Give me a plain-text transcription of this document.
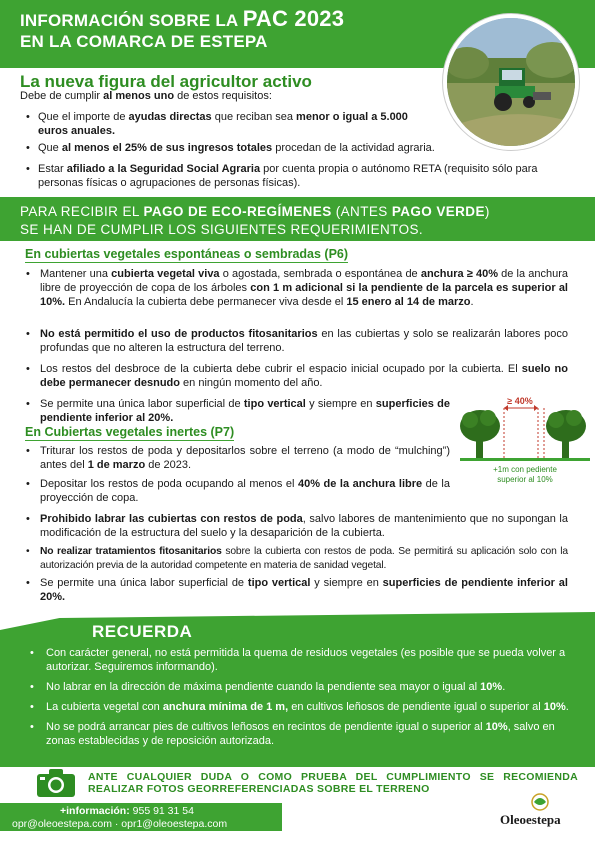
INFORMACIÓN SOBRE LA PAC 2023
EN LA COMARCA DE ESTEPA
La nueva figura del agricultor activo
Debe de cumplir al menos uno de estos requisitos:
• Que el importe de ayudas directas que reciban sea menor o igual a 5.000 euros anuales.
• Que al menos el 25% de sus ingresos totales procedan de la actividad agraria.
• Estar afiliado a la Seguridad Social Agraria por cuenta propia o autónomo RETA (requisito sólo para personas físicas o agrupaciones de personas físicas).
PARA RECIBIR EL PAGO DE ECO-REGÍMENES (ANTES PAGO VERDE)
SE HAN DE CUMPLIR LOS SIGUIENTES REQUERIMIENTOS.
En cubiertas vegetales espontáneas o sembradas (P6)
• Mantener una cubierta vegetal viva o agostada, sembrada o espontánea de anchura ≥ 40% de la anchura libre de proyección de copa de los árboles con 1 m adicional si la pendiente de la parcela es superior al 10%. En Andalucía la cubierta debe permanecer viva desde el 15 enero al 14 de marzo.
• No está permitido el uso de productos fitosanitarios en las cubiertas y solo se realizarán labores poco profundas que no alteren la estructura del terreno.
• Los restos del desbroce de la cubierta debe cubrir el espacio inicial ocupado por la cubierta. El suelo no debe permanecer desnudo en ningún momento del año.
• Se permite una única labor superficial de tipo vertical y siempre en superficies de pendiente inferior al 20%.
≥ 40%
+1m con pediente
superior al 10%
En Cubiertas vegetales inertes (P7)
• Triturar los restos de poda y depositarlos sobre el terreno (a modo de “mulching”) antes del 1 de marzo de 2023.
• Depositar los restos de poda ocupando al menos el 40% de la anchura libre de la proyección de copa.
• Prohibido labrar las cubiertas con restos de poda, salvo labores de mantenimiento que no supongan la modificación de la estructura del suelo y la desaparición de la cubierta.
• No realizar tratamientos fitosanitarios sobre la cubierta con restos de poda. Se permitirá su aplicación solo con la autorización previa de la autoridad competente en materia de sanidad vegetal.
• Se permite una única labor superficial de tipo vertical y siempre en superficies de pendiente inferior al 20%.
RECUERDA
• Con carácter general, no está permitida la quema de residuos vegetales (es posible que se pueda volver a autorizar. Seguiremos informando).
• No labrar en la dirección de máxima pendiente cuando la pendiente sea mayor o igual al 10%.
• La cubierta vegetal con anchura mínima de 1 m, en cultivos leñosos de pendiente igual o superior al 10%.
• No se podrá arrancar pies de cultivos leñosos en recintos de pendiente igual o superior al 10%, salvo en zonas establecidas y de reposición autorizada.
ANTE CUALQUIER DUDA O COMO PRUEBA DEL CUMPLIMIENTO SE RECOMIENDA REALIZAR FOTOS GEORREFERENCIADAS SOBRE EL TERRENO
+información: 955 91 31 54
opr@oleoestepa.com · opr1@oleoestepa.com	Oleoestepa
